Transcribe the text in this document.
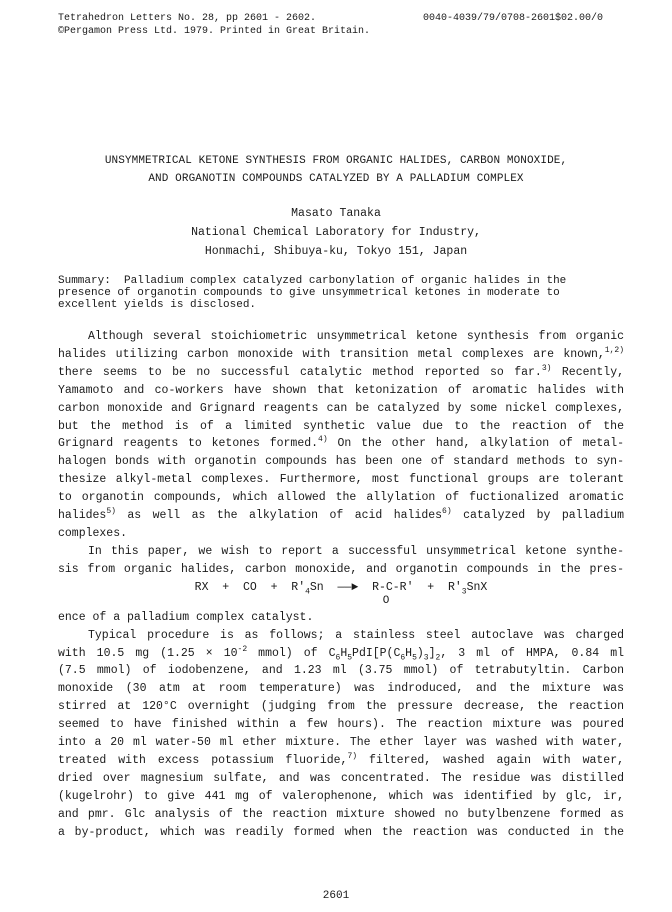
Tetrahedron Letters No. 28, pp 2601 - 2602.
©Pergamon Press Ltd. 1979. Printed in Great Britain.
0040-4039/79/0708-2601$02.00/0
UNSYMMETRICAL KETONE SYNTHESIS FROM ORGANIC HALIDES, CARBON MONOXIDE,
AND ORGANOTIN COMPOUNDS CATALYZED BY A PALLADIUM COMPLEX
Masato Tanaka
National Chemical Laboratory for Industry,
Honmachi, Shibuya-ku, Tokyo 151, Japan
Summary:  Palladium complex catalyzed carbonylation of organic halides in the
presence of organotin compounds to give unsymmetrical ketones in moderate to
excellent yields is disclosed.
Although several stoichiometric unsymmetrical ketone synthesis from organic
halides utilizing carbon monoxide with transition metal complexes are known,$^{1,2)}$
there seems to be no successful catalytic method reported so far.$^{3)}$ Recently,
Yamamoto and co-workers have shown that ketonization of aromatic halides with
carbon monoxide and Grignard reagents can be catalyzed by some nickel complexes,
but the method is of a limited synthetic value due to the reaction of the
Grignard reagents to ketones formed.$^{4)}$ On the other hand, alkylation of metal-
halogen bonds with organotin compounds has been one of standard methods to syn-
thesize alkyl-metal complexes. Furthermore, most functional groups are tolerant
to organotin compounds, which allowed the allylation of fuctionalized aromatic
halides$^{5)}$ as well as the alkylation of acid halides$^{6)}$ catalyzed by palladium
complexes.
In this paper, we wish to report a successful unsymmetrical ketone synthe-
sis from organic halides, carbon monoxide, and organotin compounds in the pres-
RX  +  CO  +  $R'_4Sn$ ——► $R-C-R' + R'_3SnX$
O
ence of a palladium complex catalyst.
Typical procedure is as follows; a stainless steel autoclave was charged
with 10.5 mg ($1.25 \times 10^{-2}$ mmol) of $C_6H_5PdI[P(C_6H_5)_3]_2$, 3 ml of HMPA, 0.84 ml
(7.5 mmol) of iodobenzene, and 1.23 ml (3.75 mmol) of tetrabutyltin. Carbon
monoxide (30 atm at room temperature) was indroduced, and the mixture was
stirred at 120°C overnight (judging from the pressure decrease, the reaction
seemed to have finished within a few hours). The reaction mixture was poured
into a 20 ml water-50 ml ether mixture. The ether layer was washed with water,
treated with excess potassium fluoride,$^{7)}$ filtered, washed again with water,
dried over magnesium sulfate, and was concentrated. The residue was distilled
(kugelrohr) to give 441 mg of valerophenone, which was identified by glc, ir,
and pmr. Glc analysis of the reaction mixture showed no butylbenzene formed as
a by-product, which was readily formed when the reaction was conducted in the
2601
